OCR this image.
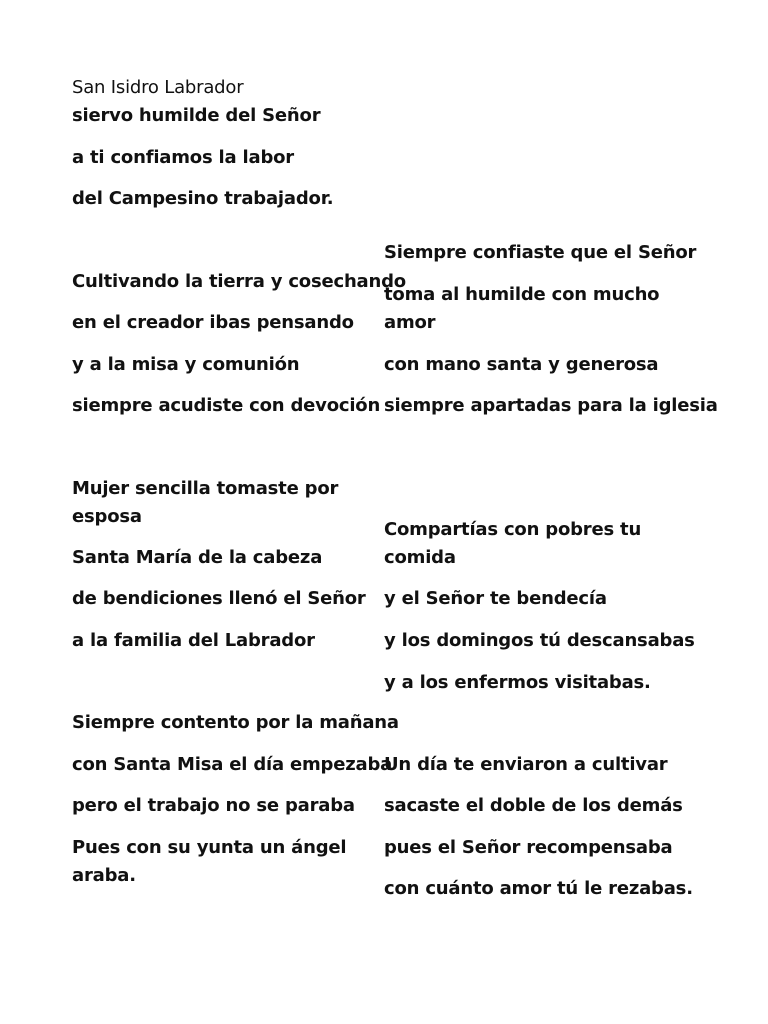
San Isidro Labrador
siervo humilde del Señor
a ti confiamos la labor
del Campesino trabajador.
Cultivando la tierra y cosechando
en el creador ibas pensando
y a la misa y comunión
siempre acudiste con devoción
Siempre confiaste que el Señor
toma al humilde con mucho
amor
con mano santa y generosa
siempre apartadas para la iglesia
Mujer sencilla tomaste por
esposa
Santa María de la cabeza
de bendiciones llenó el Señor
a la familia del Labrador
Compartías con pobres tu
comida
y el Señor te bendecía
y los domingos tú descansabas
y a los enfermos visitabas.
Siempre contento por la mañana
con Santa Misa el día empezaba
pero el trabajo no se paraba
Pues con su yunta un ángel
araba.
Un día te enviaron a cultivar
sacaste el doble de los demás
pues el Señor recompensaba
con cuánto amor tú le rezabas.
